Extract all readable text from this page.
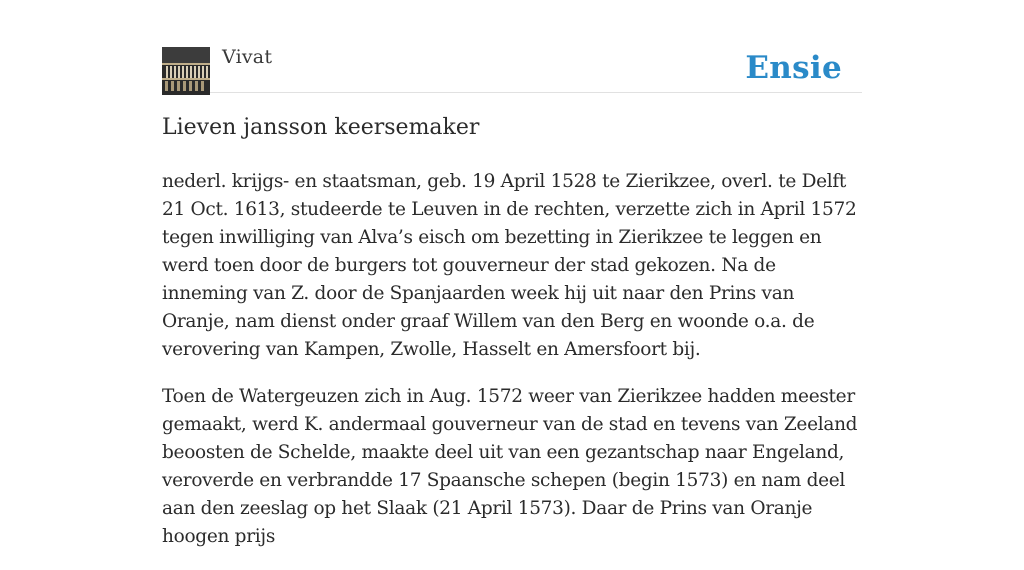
Vivat	Ensie
Lieven jansson keersemaker

nederl. krijgs- en staatsman, geb. 19 April 1528 te Zierikzee, overl. te Delft 21 Oct. 1613, studeerde te Leuven in de rechten, verzette zich in April 1572 tegen inwilliging van Alva’s eisch om bezetting in Zierikzee te leggen en werd toen door de burgers tot gouverneur der stad gekozen. Na de inneming van Z. door de Spanjaarden week hij uit naar den Prins van Oranje, nam dienst onder graaf Willem van den Berg en woonde o.a. de verovering van Kampen, Zwolle, Hasselt en Amersfoort bij.

Toen de Watergeuzen zich in Aug. 1572 weer van Zierikzee hadden meester gemaakt, werd K. andermaal gouverneur van de stad en tevens van Zeeland beoosten de Schelde, maakte deel uit van een gezantschap naar Engeland, veroverde en verbrandde 17 Spaansche schepen (begin 1573) en nam deel aan den zeeslag op het Slaak (21 April 1573). Daar de Prins van Oranje hoogen prijs
